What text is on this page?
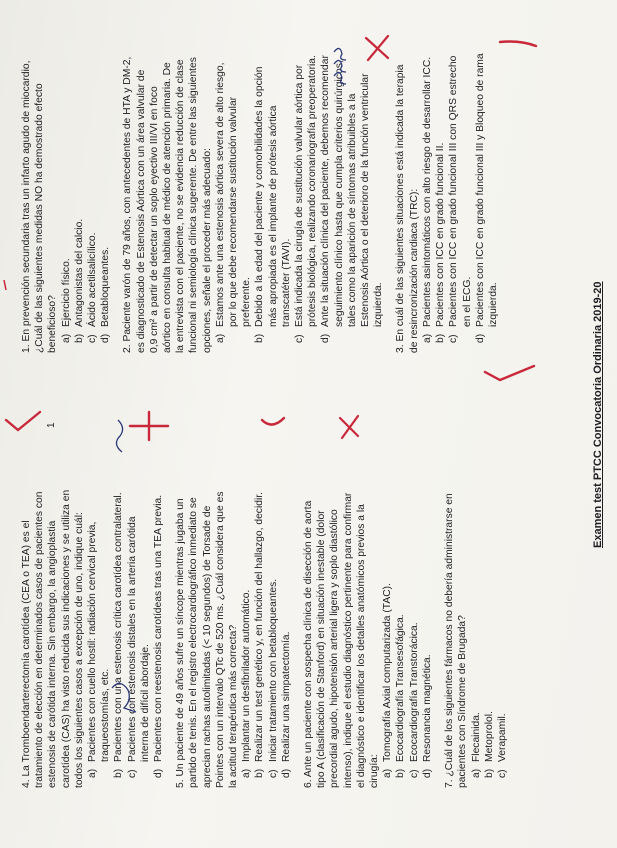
Examen test PTCC Convocatoria Ordinaria 2019-20

1. En prevención secundaria tras un infarto agudo de miocardio, ¿Cuál de las siguientes medidas NO ha demostrado efecto beneficioso? a)
Ejercicio físico.
b)
Antagonistas del calcio.
c)
Ácido acetilsalicílico.
d)
Betabloqueantes. 2. Paciente varón de 79 años, con antecedentes de HTA y DM-2, es diagnosticado de Estenosis Aórtica con un área valvular de 0,9 cm² a partir de detectar un soplo eyectivo III/VI en foco aórtico en consulta habitual de médico de atención primaria. De la entrevista con el paciente, no se evidencia reducción de clase funcional ni semiología clínica sugerente. De entre las siguientes opciones, señale el proceder más adecuado: a)
Estamos ante una estenosis aórtica severa de alto riesgo, por lo que debe recomendarse sustitución valvular preferente.
b)
Debido a la edad del paciente y comorbilidades la opción más apropiada es el implante de prótesis aórtica transcatéter (TAVI).
c)
Está indicada la cirugía de sustitución valvular aórtica por prótesis biológica, realizando coronariografía preoperatoria.
d)
Ante la situación clínica del paciente, debemos recomendar seguimiento clínico hasta que cumpla criterios quirúrgicos, tales como la aparición de síntomas atribuibles a la Estenosis Aórtica o el deterioro de la función ventricular izquierda. 3. En cuál de las siguientes situaciones está indicada la terapia de resincronización cardiaca (TRC): a)
Pacientes asintomáticos con alto riesgo de desarrollar ICC.
b)
Pacientes con ICC en grado funcional II.
c)
Pacientes con ICC en grado funcional III con QRS estrecho en el ECG.
d)
Pacientes con ICC en grado funcional III y Bloqueo de rama izquierda.

4. La Tromboendarterectomía carotídea (CEA o TEA) es el tratamiento de elección en determinados casos de pacientes con estenosis de carótida interna. Sin embargo, la angioplastia carotídea (CAS) ha visto reducida sus indicaciones y se utiliza en todos los siguientes casos a excepción de uno, indique cuál: a)
Pacientes con cuello hostil: radiación cervical previa, traqueostomías, etc.
b)
Pacientes con una estenosis crítica carotídea contralateral.
c)
Pacientes con estenosis distales en la arteria carótida interna de difícil abordaje.
d)
Pacientes con reestenosis carotídeas tras una TEA previa. 5. Un paciente de 49 años sufre un síncope mientras jugaba un partido de tenis. En el registro electrocardiográfico inmediato se aprecian rachas autolimitadas (< 10 segundos) de Torsade de Pointes con un intervalo QTc de 520 ms. ¿Cuál considera que es la actitud terapéutica más correcta? a)
Implantar un desfibrilador automático.
b)
Realizar un test genético y, en función del hallazgo, decidir.
c)
Iniciar tratamiento con betabloqueantes.
d)
Realizar una simpatectomía. 6. Ante un paciente con sospecha clínica de disección de aorta tipo A (clasificación de Stanford) en situación inestable (dolor precordial agudo, hipotensión arterial ligera y soplo diastólico intenso), indique el estudio diagnóstico pertinente para confirmar el diagnóstico e identificar los detalles anatómicos previos a la cirugía: a)
Tomografía Axial computarizada (TAC).
b)
Ecocardiografía Transesofágica.
c)
Ecocardiografía Transtorácica.
d)
Resonancia magnética. 7. ¿Cuál de los siguientes fármacos no debería administrarse en pacientes con Síndrome de Brugada? a)
Flecainida.
b)
Metoprolol.
c)
Verapamil.
1
